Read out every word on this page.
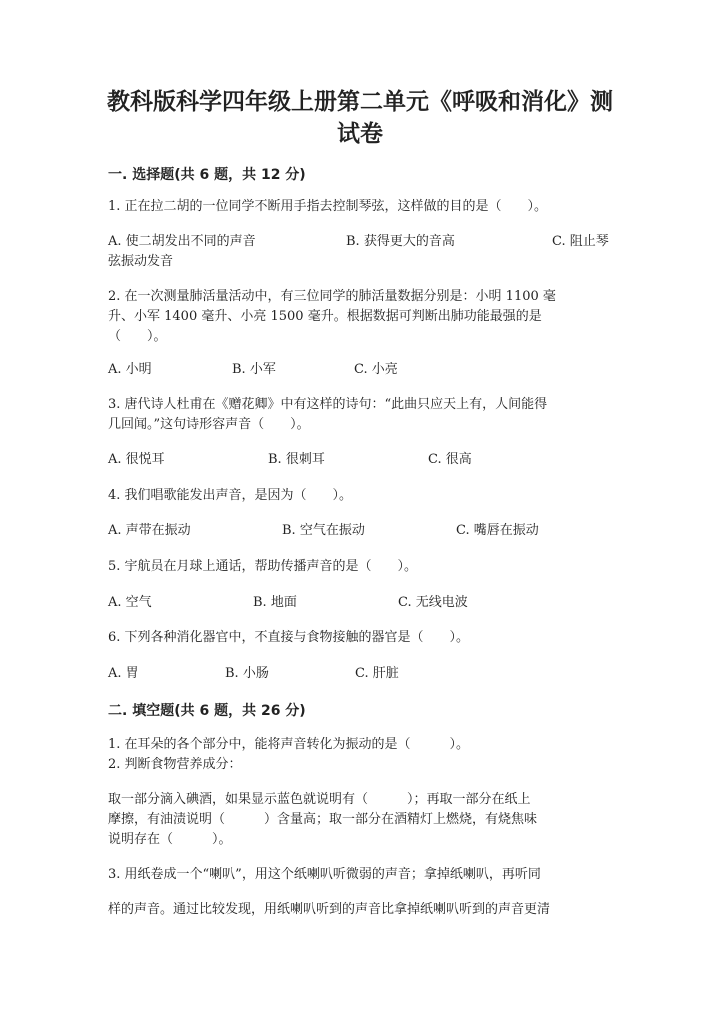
教科版科学四年级上册第二单元《呼吸和消化》测
试卷
一. 选择题(共 6 题，共 12 分)
1. 正在拉二胡的一位同学不断用手指去控制琴弦，这样做的目的是（　　）。
A. 使二胡发出不同的声音	B. 获得更大的音高	C. 阻止琴
弦振动发音
2. 在一次测量肺活量活动中，有三位同学的肺活量数据分别是：小明 1100 毫
升、小军 1400 毫升、小亮 1500 毫升。根据数据可判断出肺功能最强的是
（　　）。
A. 小明	B. 小军	C. 小亮
3. 唐代诗人杜甫在《赠花卿》中有这样的诗句：“此曲只应天上有，人间能得
几回闻。”这句诗形容声音（　　）。
A. 很悦耳	B. 很刺耳	C. 很高
4. 我们唱歌能发出声音，是因为（　　）。
A. 声带在振动	B. 空气在振动	C. 嘴唇在振动
5. 宇航员在月球上通话，帮助传播声音的是（　　）。
A. 空气	B. 地面	C. 无线电波
6. 下列各种消化器官中，不直接与食物接触的器官是（　　）。
A. 胃	B. 小肠	C. 肝脏
二. 填空题(共 6 题，共 26 分)
1. 在耳朵的各个部分中，能将声音转化为振动的是（　　　）。
2. 判断食物营养成分：
取一部分滴入碘酒，如果显示蓝色就说明有（　　　）；再取一部分在纸上
摩擦，有油渍说明（　　　）含量高；取一部分在酒精灯上燃烧，有烧焦味
说明存在（　　　）。
3. 用纸卷成一个“喇叭”，用这个纸喇叭听微弱的声音；拿掉纸喇叭，再听同
样的声音。通过比较发现，用纸喇叭听到的声音比拿掉纸喇叭听到的声音更清
